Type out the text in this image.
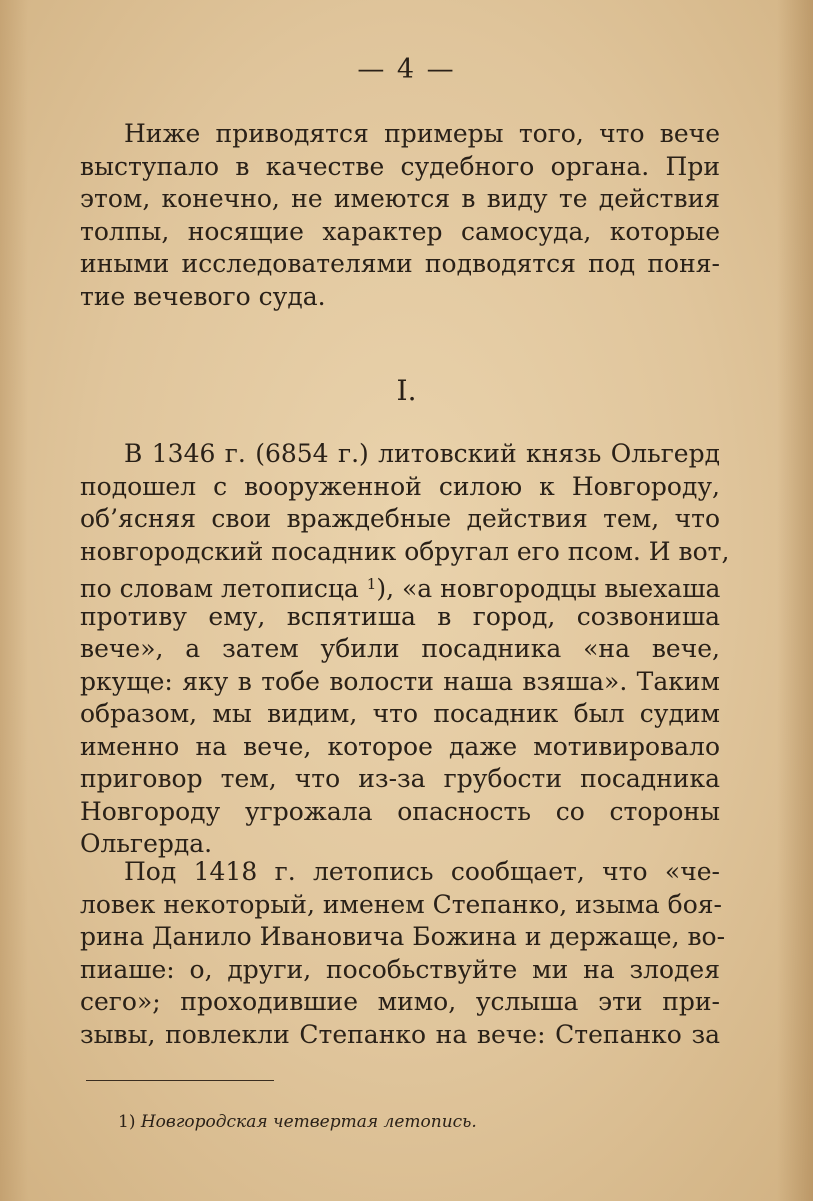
— 4 —
Ниже приводятся примеры того, что вече
выступало в качестве судебного органа. При
этом, конечно, не имеются в виду те действия
толпы, носящие характер самосуда, которые
иными исследователями подводятся под поня-
тие вечевого суда.
I.
В 1346 г. (6854 г.) литовский князь Ольгерд
подошел с вооруженной силою к Новгороду,
об’ясняя свои враждебные действия тем, что
новгородский посадник обругал его псом. И вот,
по словам летописца $^1$), «а новгородцы выехаша
противу ему, вспятиша в город, созвониша
вече», а затем убили посадника «на вече,
ркуще: яку в тобе волости наша взяша». Таким
образом, мы видим, что посадник был судим
именно на вече, которое даже мотивировало
приговор тем, что из-за грубости посадника
Новгороду угрожала опасность со стороны
Ольгерда.
Под 1418 г. летопись сообщает, что «че-
ловек некоторый, именем Степанко, изыма боя-
рина Данило Ивановича Божина и держаще, во-
пиаше: о, други, пособьствуйте ми на злодея
сего»; проходившие мимо, услыша эти при-
зывы, повлекли Степанко на вече: Степанко за
1) Новгородская четвертая летопись.
